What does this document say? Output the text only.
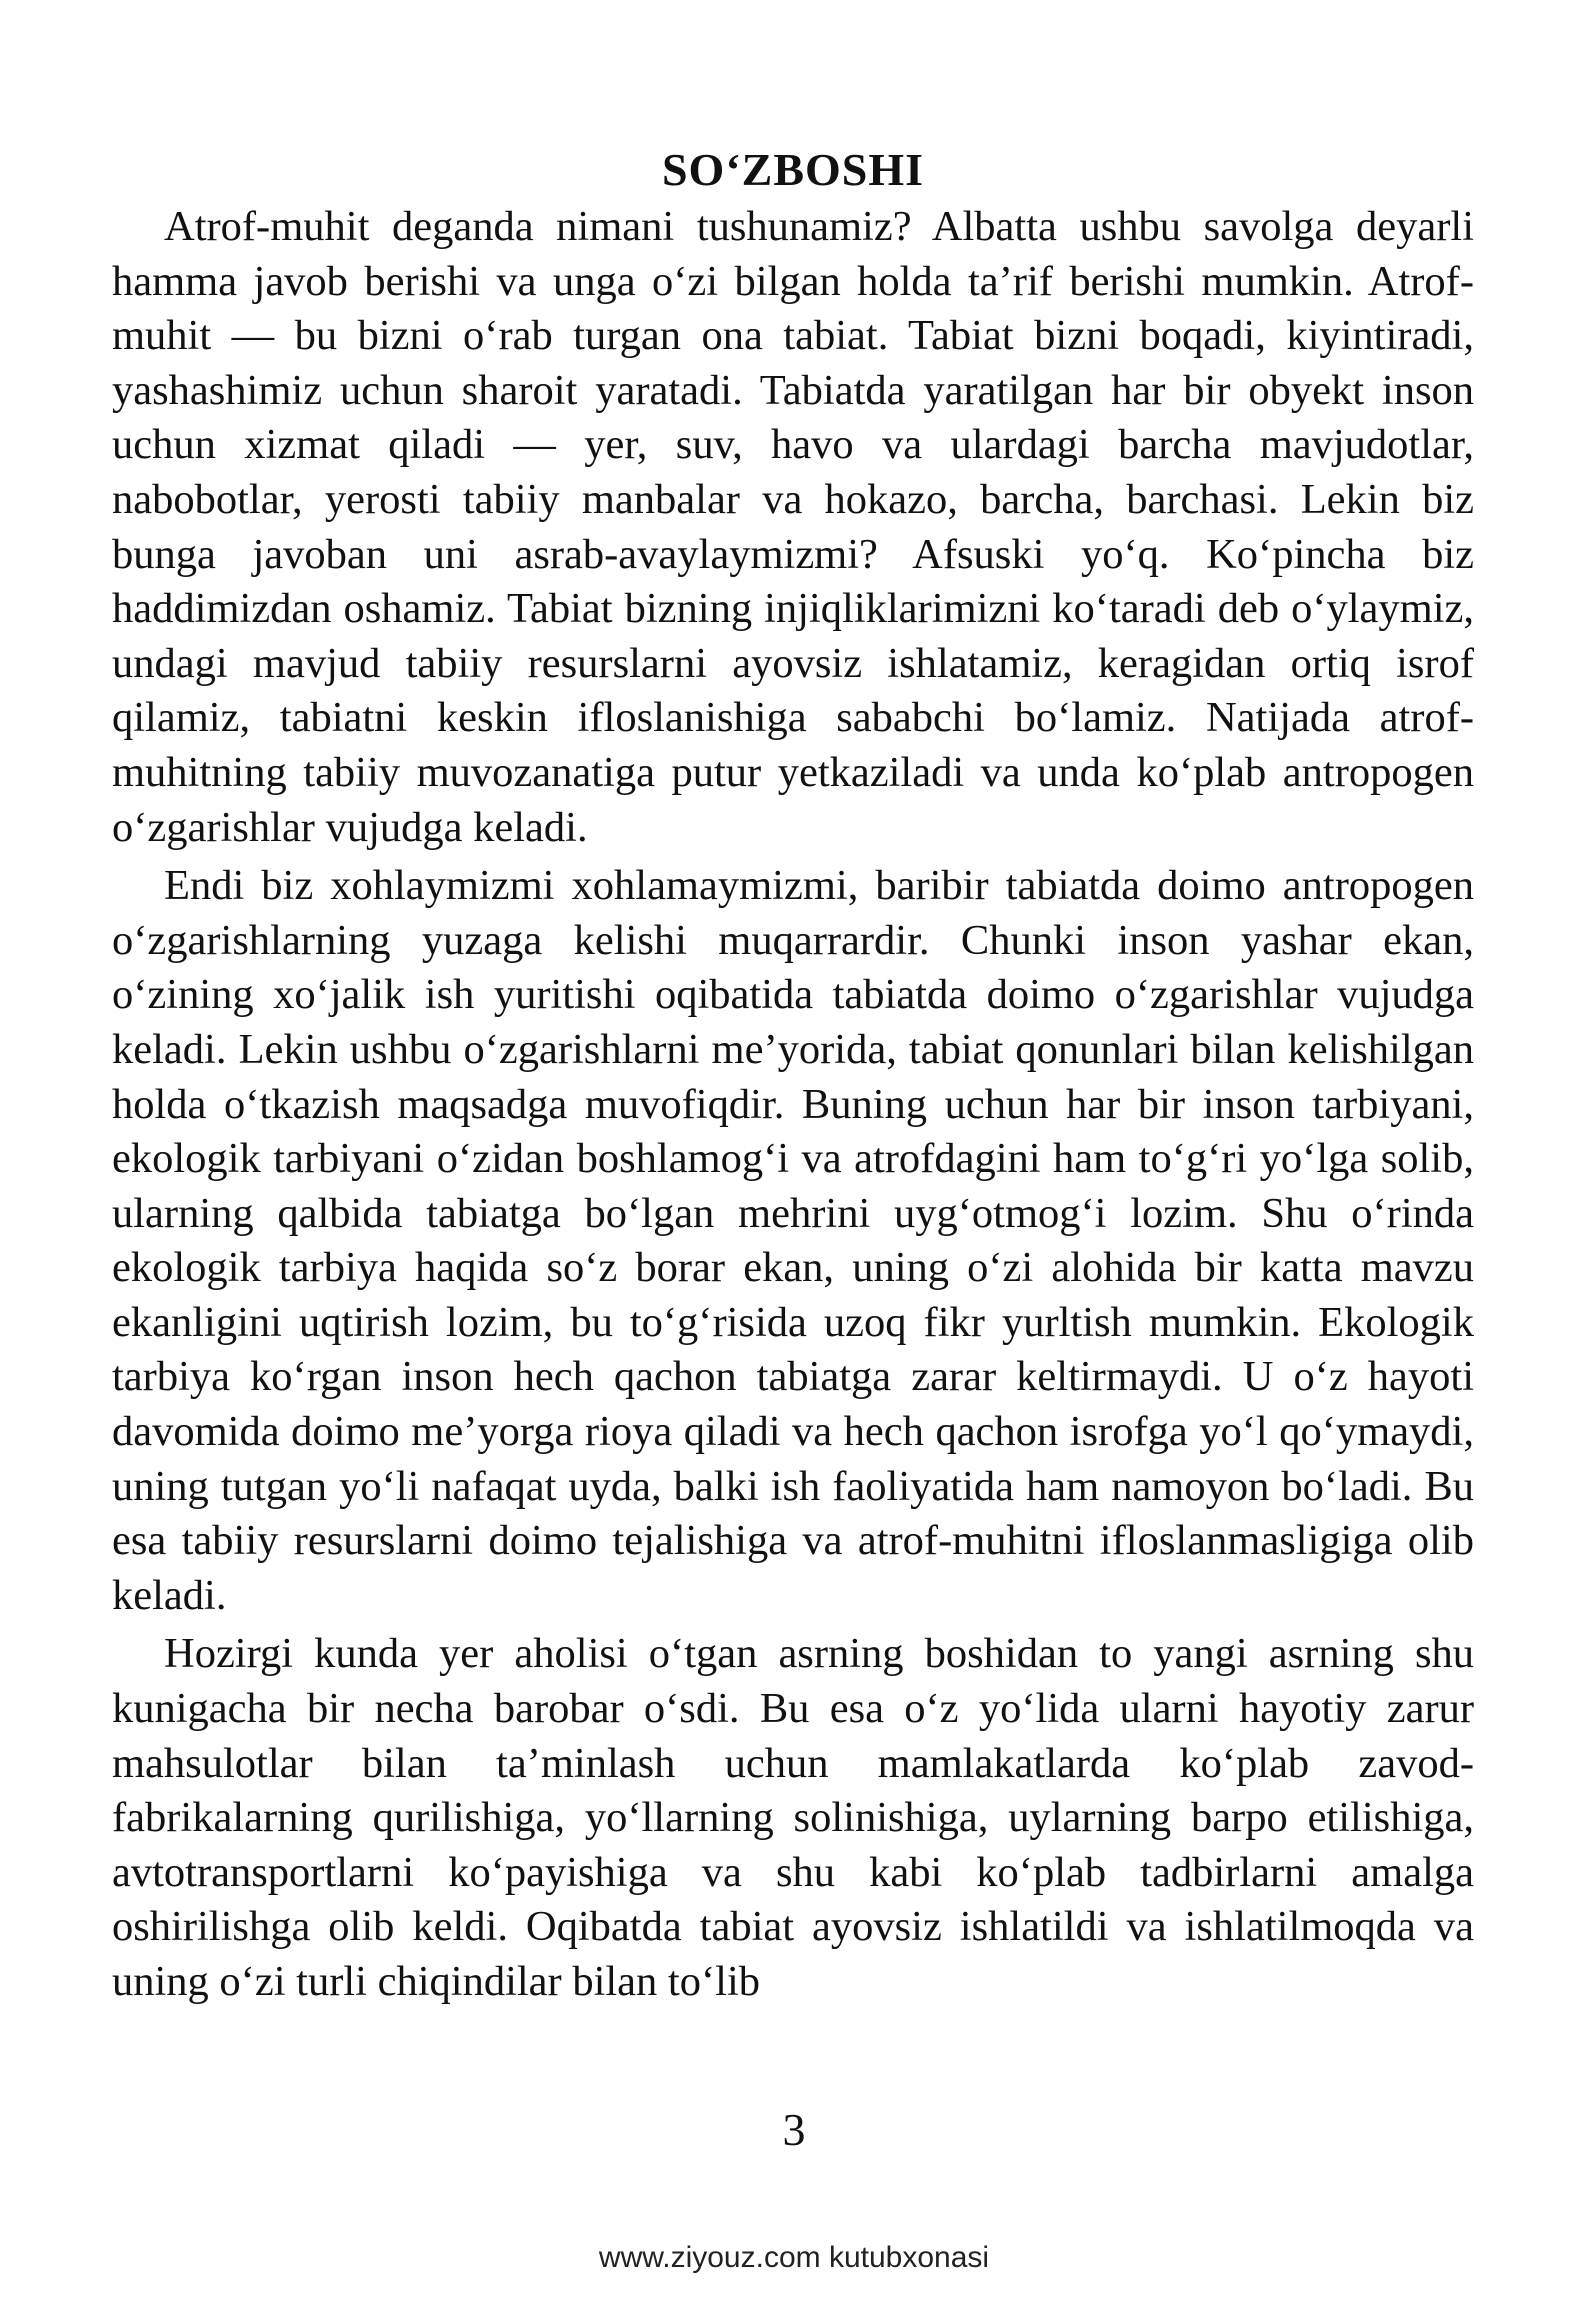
SO‘ZBOSHI

Atrof-muhit deganda nimani tushunamiz? Albatta ushbu savolga deyarli hamma javob berishi va unga o‘zi bilgan holda ta’rif berishi mumkin. Atrof-muhit — bu bizni o‘rab turgan ona tabiat. Tabiat bizni boqadi, kiyintiradi, yashashimiz uchun sharoit yaratadi. Tabiatda yaratilgan har bir obyekt inson uchun xizmat qiladi — yer, suv, havo va ulardagi barcha mavjudotlar, nabobotlar, yerosti tabiiy manbalar va hokazo, barcha, barchasi. Lekin biz bunga javoban uni asrab-avaylaymizmi? Afsuski yo‘q. Ko‘pincha biz haddimizdan oshamiz. Tabiat bizning injiqliklarimizni ko‘taradi deb o‘ylaymiz, undagi mavjud tabiiy resurslarni ayovsiz ishlatamiz, keragidan ortiq isrof qilamiz, tabiatni keskin ifloslanishiga sababchi bo‘lamiz. Natijada atrof-muhitning tabiiy muvozanatiga putur yetkaziladi va unda ko‘plab antropogen o‘zgarishlar vujudga keladi.

Endi biz xohlaymizmi xohlamaymizmi, baribir tabiatda doimo antropogen o‘zgarishlarning yuzaga kelishi muqarrardir. Chunki inson yashar ekan, o‘zining xo‘jalik ish yuritishi oqibatida tabiatda doimo o‘zgarishlar vujudga keladi. Lekin ushbu o‘zgarishlarni me’yorida, tabiat qonunlari bilan kelishilgan holda o‘tkazish maqsadga muvofiqdir. Buning uchun har bir inson tarbiyani, ekologik tarbiyani o‘zidan boshlamog‘i va atrofdagini ham to‘g‘ri yo‘lga solib, ularning qalbida tabiatga bo‘lgan mehrini uyg‘otmog‘i lozim. Shu o‘rinda ekologik tarbiya haqida so‘z borar ekan, uning o‘zi alohida bir katta mavzu ekanligini uqtirish lozim, bu to‘g‘risida uzoq fikr yurltish mumkin. Ekologik tarbiya ko‘rgan inson hech qachon tabiatga zarar keltirmaydi. U o‘z hayoti davomida doimo me’yorga rioya qiladi va hech qachon isrofga yo‘l qo‘ymaydi, uning tutgan yo‘li nafaqat uyda, balki ish faoliyatida ham namoyon bo‘ladi. Bu esa tabiiy resurslarni doimo tejalishiga va atrof-muhitni ifloslanmasligiga olib keladi.

Hozirgi kunda yer aholisi o‘tgan asrning boshidan to yangi asrning shu kunigacha bir necha barobar o‘sdi. Bu esa o‘z yo‘lida ularni hayotiy zarur mahsulotlar bilan ta’minlash uchun mamlakatlarda ko‘plab zavod-fabrikalarning qurilishiga, yo‘llarning solinishiga, uylarning barpo etilishiga, avtotransportlarni ko‘payishiga va shu kabi ko‘plab tadbirlarni amalga oshirilishga olib keldi. Oqibatda tabiat ayovsiz ishlatildi va ishlatilmoqda va uning o‘zi turli chiqindilar bilan to‘lib

3
www.ziyouz.com kutubxonasi
